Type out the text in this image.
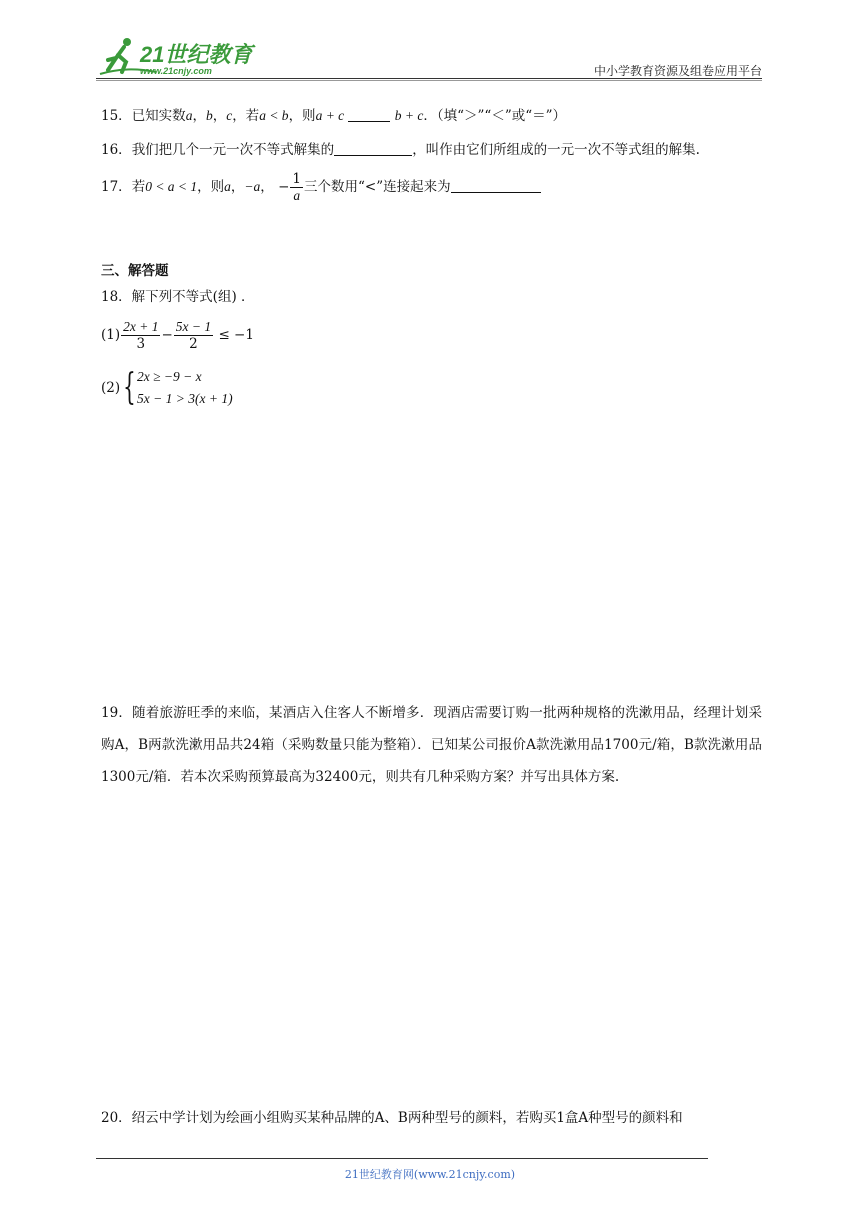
21世纪教育
www.21cnjy.com	中小学教育资源及组卷应用平台
15．已知实数a，b，c，若a < b，则a + c	b + c．（填“＞”“＜”或“＝”）
16．我们把几个一元一次不等式解集的	，叫作由它们所组成的一元一次不等式组的解集.
17．若0 < a < 1，则a，−a， − $\frac{1}{a}$ 三个数用“<”连接起来为
三、解答题
18．解下列不等式(组) ．
$(1) \frac{2x + 1}{3} - \frac{5x - 1}{2} \le -1$
(2){ 2x ≥ −9 − x
5x − 1 > 3(x + 1)
19．随着旅游旺季的来临，某酒店入住客人不断增多．现酒店需要订购一批两种规格的洗漱用品，经理计划采购A，B两款洗漱用品共24箱（采购数量只能为整箱）．已知某公司报价A款洗漱用品1700元/箱，B款洗漱用品1300元/箱．若本次采购预算最高为32400元，则共有几种采购方案？并写出具体方案.
20．绍云中学计划为绘画小组购买某种品牌的A、B两种型号的颜料，若购买1盒A种型号的颜料和
21世纪教育网(www.21cnjy.com)
